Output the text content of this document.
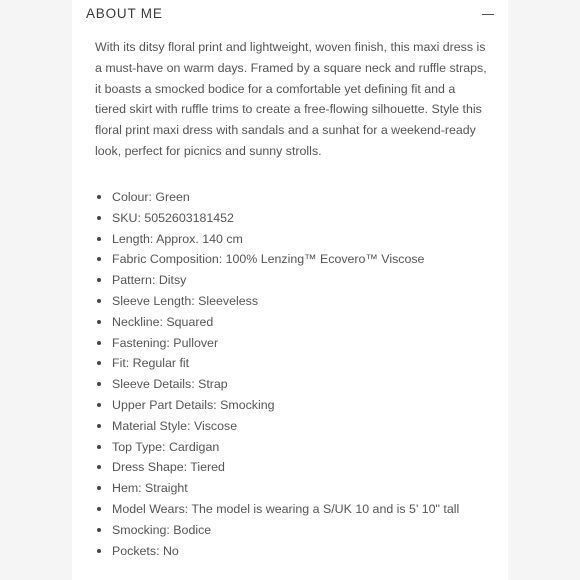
ABOUT ME

With its ditsy floral print and lightweight, woven finish, this maxi dress is a must-have on warm days. Framed by a square neck and ruffle straps, it boasts a smocked bodice for a comfortable yet defining fit and a tiered skirt with ruffle trims to create a free-flowing silhouette. Style this floral print maxi dress with sandals and a sunhat for a weekend-ready look, perfect for picnics and sunny strolls.

Colour: Green
SKU: 5052603181452
Length: Approx. 140 cm
Fabric Composition: 100% Lenzing™ Ecovero™ Viscose
Pattern: Ditsy
Sleeve Length: Sleeveless
Neckline: Squared
Fastening: Pullover
Fit: Regular fit
Sleeve Details: Strap
Upper Part Details: Smocking
Material Style: Viscose
Top Type: Cardigan
Dress Shape: Tiered
Hem: Straight
Model Wears: The model is wearing a S/UK 10 and is 5' 10" tall
Smocking: Bodice
Pockets: No
